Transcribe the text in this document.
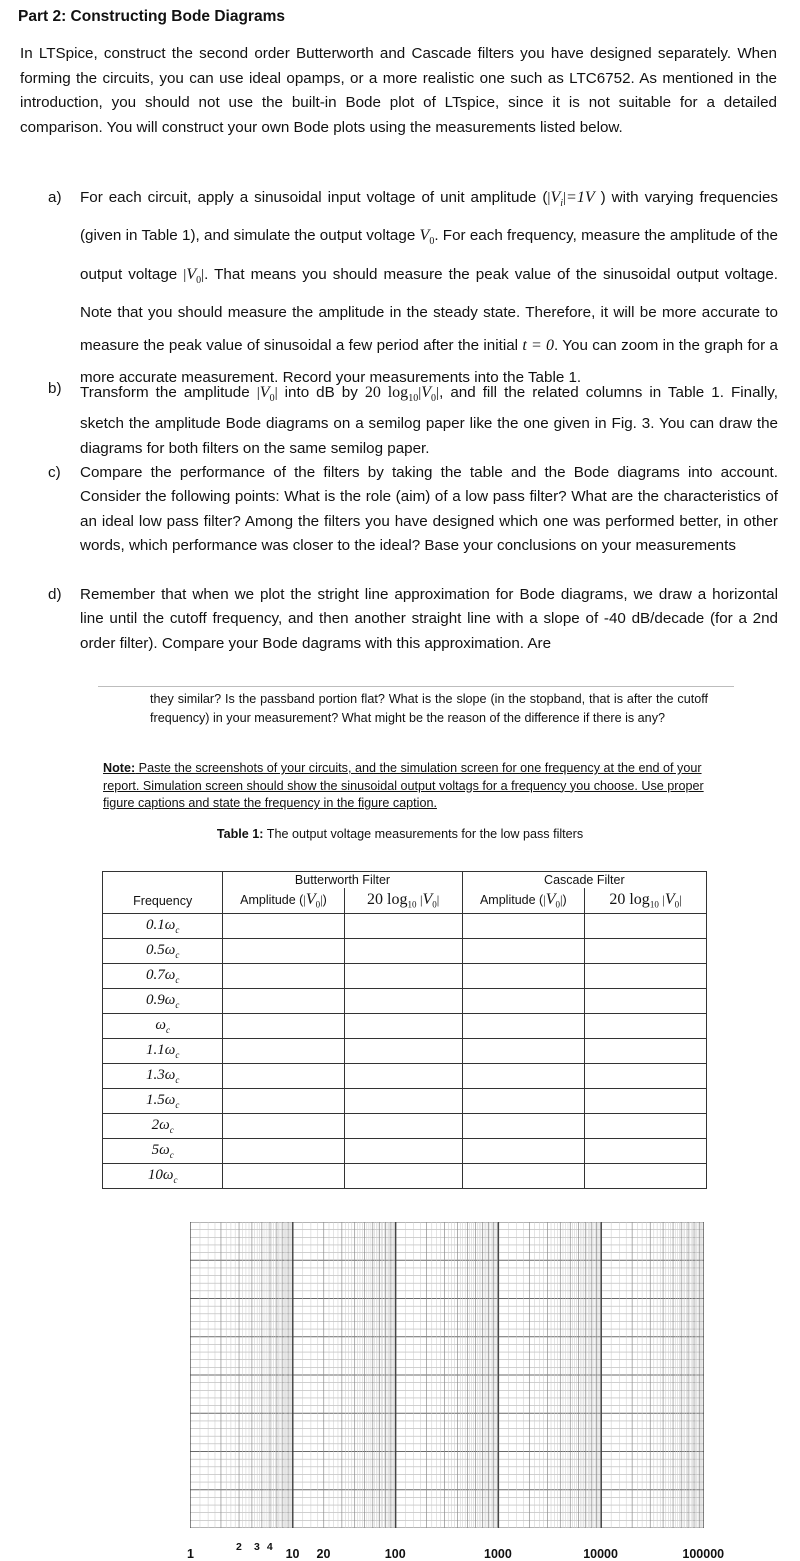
Part 2: Constructing Bode Diagrams
In LTSpice, construct the second order Butterworth and Cascade filters you have designed separately. When forming the circuits, you can use ideal opamps, or a more realistic one such as LTC6752. As mentioned in the introduction, you should not use the built-in Bode plot of LTspice, since it is not suitable for a detailed comparison. You will construct your own Bode plots using the measurements listed below.
a) For each circuit, apply a sinusoidal input voltage of unit amplitude ($|V_i|=1V$ ) with varying frequencies (given in Table 1), and simulate the output voltage $V_0$. For each frequency, measure the amplitude of the output voltage $|V_0|$. That means you should measure the peak value of the sinusoidal output voltage. Note that you should measure the amplitude in the steady state. Therefore, it will be more accurate to measure the peak value of sinusoidal a few period after the initial t = 0. You can zoom in the graph for a more accurate measurement. Record your measurements into the Table 1.
b) Transform the amplitude $|V_0|$ into dB by 20 $\log_{10}|V_0|$, and fill the related columns in Table 1. Finally, sketch the amplitude Bode diagrams on a semilog paper like the one given in Fig. 3. You can draw the diagrams for both filters on the same semilog paper.
c) Compare the performance of the filters by taking the table and the Bode diagrams into account. Consider the following points: What is the role (aim) of a low pass filter? What are the characteristics of an ideal low pass filter? Among the filters you have designed which one was performed better, in other words, which performance was closer to the ideal? Base your conclusions on your measurements
d) Remember that when we plot the stright line approximation for Bode diagrams, we draw a horizontal line until the cutoff frequency, and then another straight line with a slope of -40 dB/decade (for a 2nd order filter). Compare your Bode dagrams with this approximation. Are
they similar? Is the passband portion flat? What is the slope (in the stopband, that is after the cutoff frequency) in your measurement? What might be the reason of the difference if there is any?
Note: Paste the screenshots of your circuits, and the simulation screen for one frequency at the end of your report. Simulation screen should show the sinusoidal output voltags for a frequency you choose. Use proper figure captions and state the frequency in the figure caption.
Table 1: The output voltage measurements for the low pass filters
	Butterworth Filter		Cascade Filter	
Frequency	Amplitude $(|V_0|)$	20 $\log_{10} |V_0|$	Amplitude $(|V_0|)$	20 $\log_{10} |V_0|$
$0.1\omega_c$				
$0.5\omega_c$				
$0.7\omega_c$				
$0.9\omega_c$				
$\omega_c$				
$1.1\omega_c$				
$1.3\omega_c$				
$1.5\omega_c$				
$2\omega_c$				
$5\omega_c$				
$10\omega_c$				
1	2 3 4 10 20	100	1000	10000	100000
